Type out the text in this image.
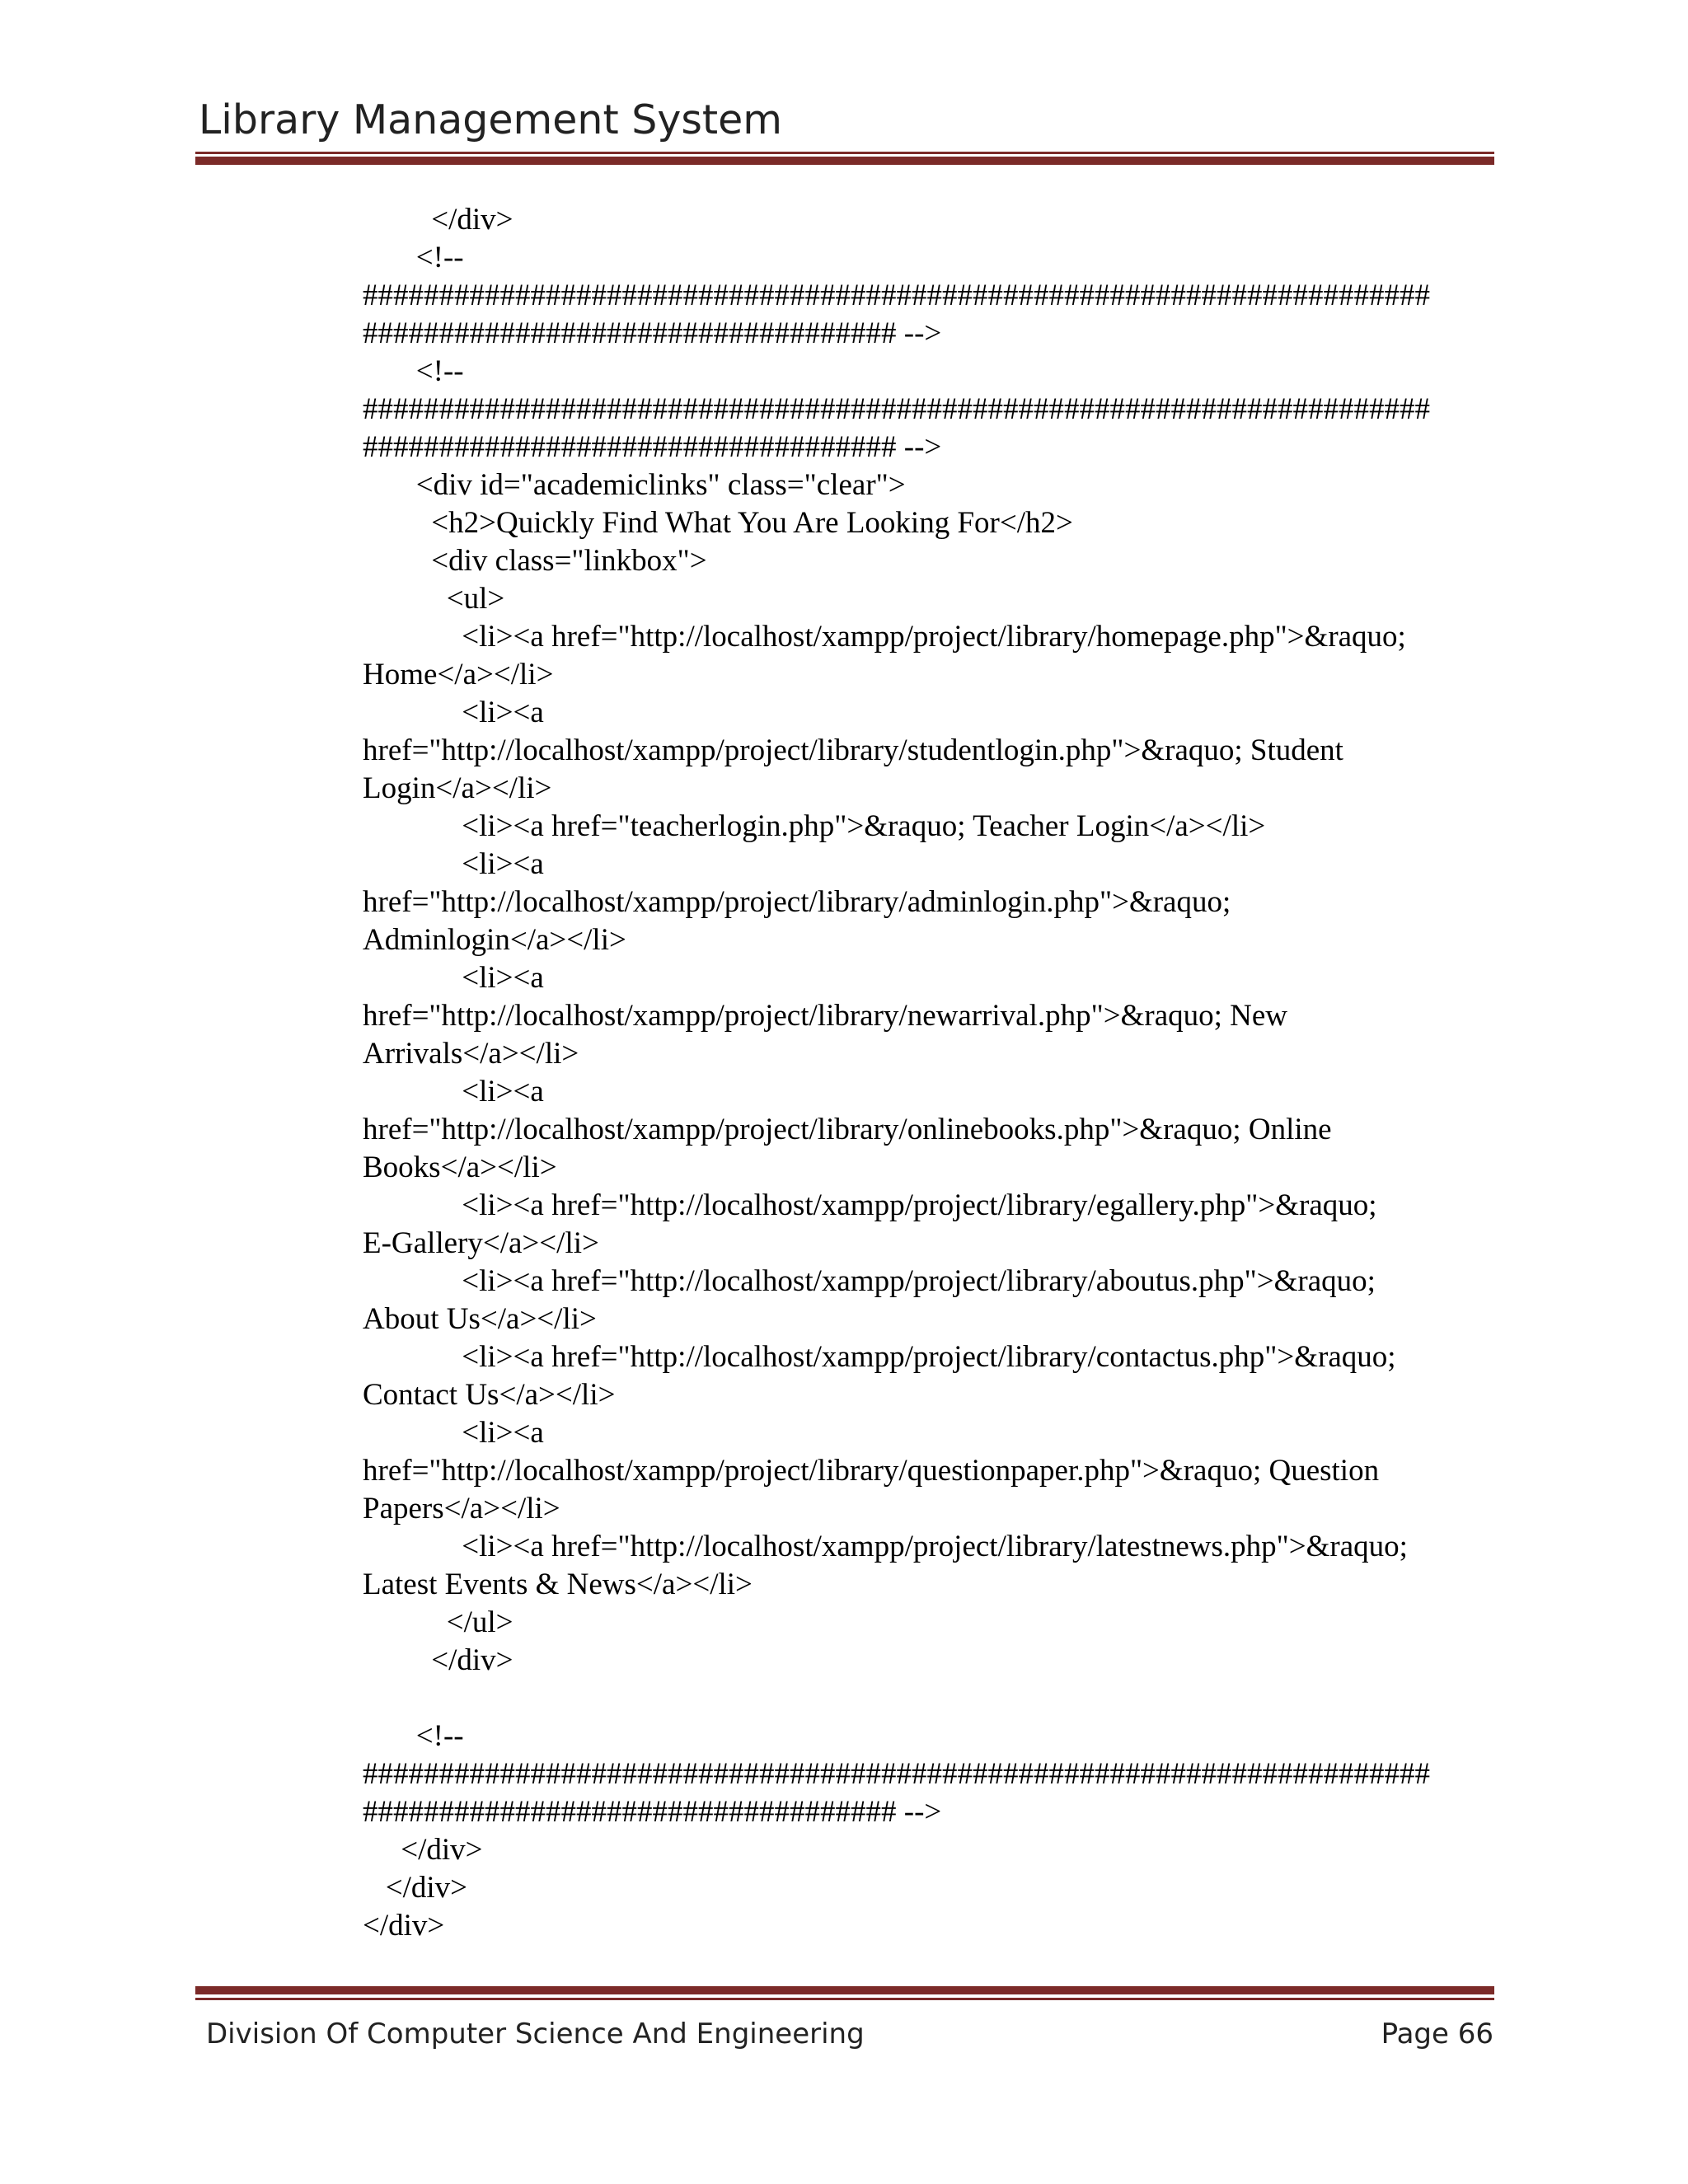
Library Management System
</div>
<!--
######################################################################
################################### -->
<!--
######################################################################
################################### -->
<div id="academiclinks" class="clear">
<h2>Quickly Find What You Are Looking For</h2>
<div class="linkbox">
<ul>
<li><a href="http://localhost/xampp/project/library/homepage.php">&raquo;
Home</a></li>
<li><a
href="http://localhost/xampp/project/library/studentlogin.php">&raquo; Student
Login</a></li>
<li><a href="teacherlogin.php">&raquo; Teacher Login</a></li>
<li><a
href="http://localhost/xampp/project/library/adminlogin.php">&raquo;
Adminlogin</a></li>
<li><a
href="http://localhost/xampp/project/library/newarrival.php">&raquo; New
Arrivals</a></li>
<li><a
href="http://localhost/xampp/project/library/onlinebooks.php">&raquo; Online
Books</a></li>
<li><a href="http://localhost/xampp/project/library/egallery.php">&raquo;
E-Gallery</a></li>
<li><a href="http://localhost/xampp/project/library/aboutus.php">&raquo;
About Us</a></li>
<li><a href="http://localhost/xampp/project/library/contactus.php">&raquo;
Contact Us</a></li>
<li><a
href="http://localhost/xampp/project/library/questionpaper.php">&raquo; Question
Papers</a></li>
<li><a href="http://localhost/xampp/project/library/latestnews.php">&raquo;
Latest Events & News</a></li>
</ul>
</div>
<!--
######################################################################
################################### -->
</div>
</div>
</div>
Division Of Computer Science And Engineering	Page 66
